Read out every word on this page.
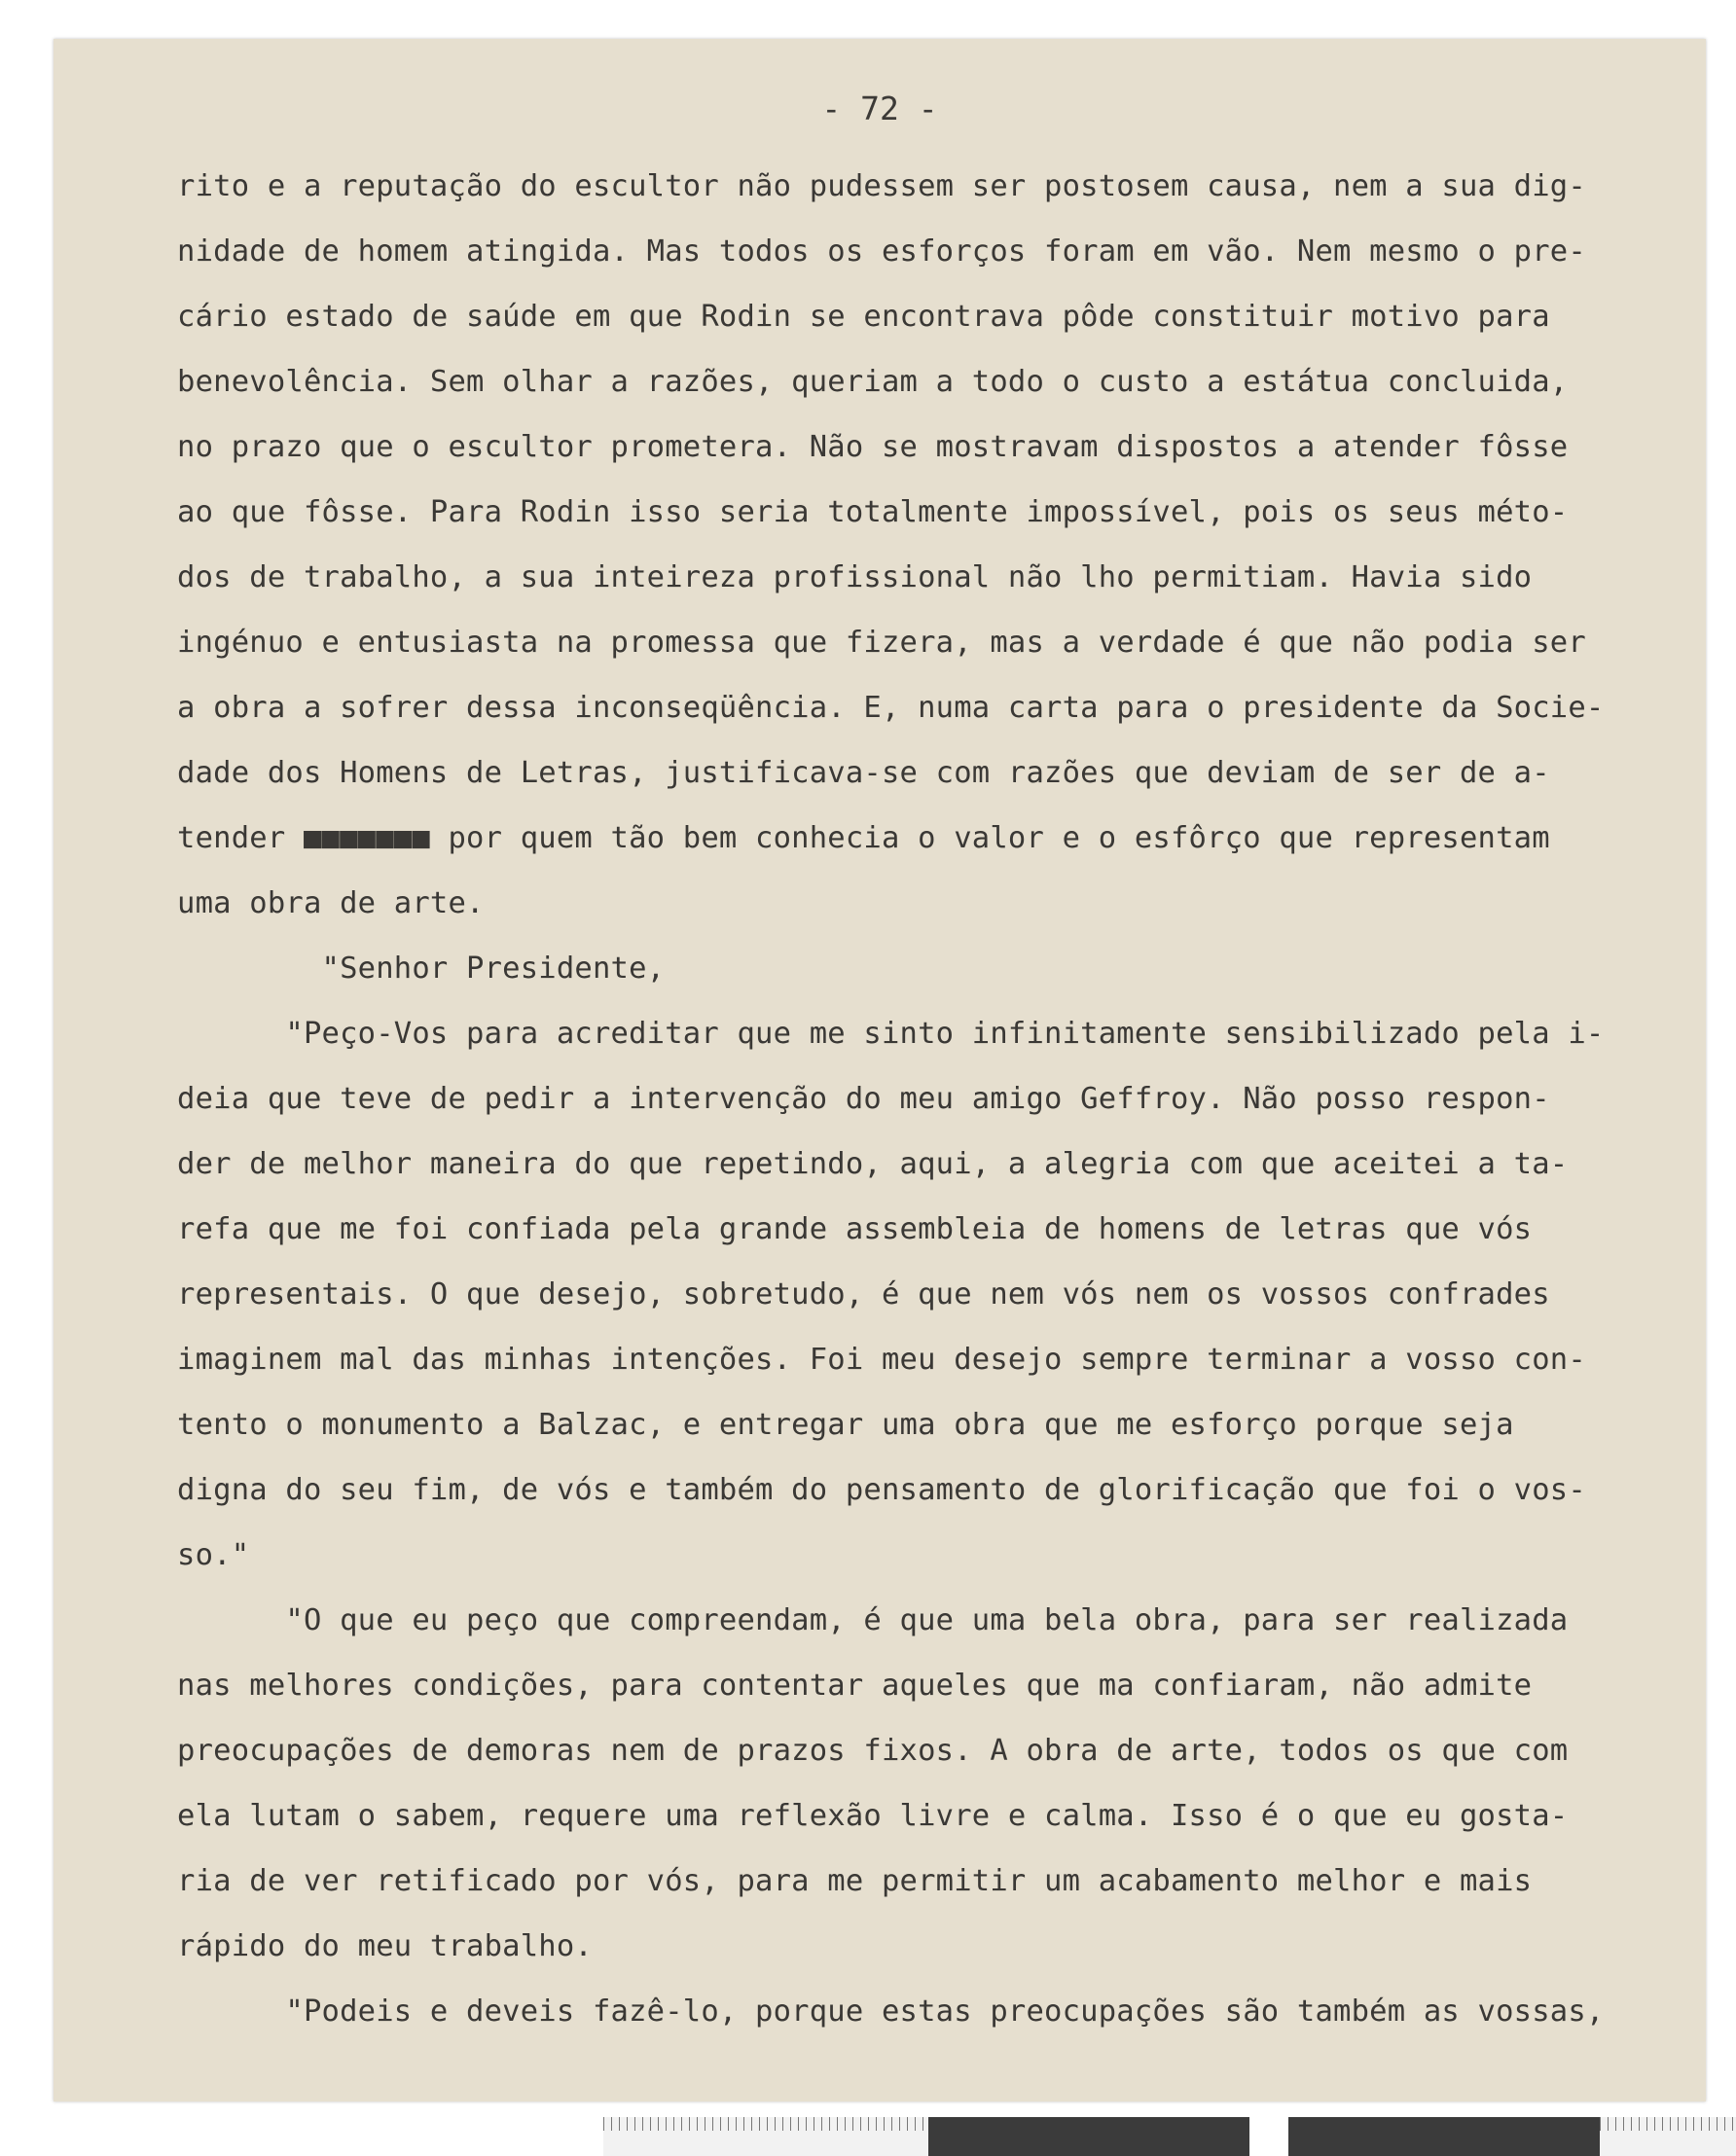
- 72 -
rito e a reputação do escultor não pudessem ser postosem causa, nem a sua dig-
nidade de homem atingida. Mas todos os esforços foram em vão. Nem mesmo o pre-
cário estado de saúde em que Rodin se encontrava pôde constituir motivo para
benevolência. Sem olhar a razões, queriam a todo o custo a estátua concluida,
no prazo que o escultor prometera. Não se mostravam dispostos a atender fôsse
ao que fôsse. Para Rodin isso seria totalmente impossível, pois os seus méto-
dos de trabalho, a sua inteireza profissional não lho permitiam. Havia sido
ingénuo e entusiasta na promessa que fizera, mas a verdade é que não podia ser
a obra a sofrer dessa inconseqüência. E, numa carta para o presidente da Socie-
dade dos Homens de Letras, justificava-se com razões que deviam de ser de a-
tender ■■■■■■■ por quem tão bem conhecia o valor e o esfôrço que representam
uma obra de arte.
"Senhor Presidente,
"Peço-Vos para acreditar que me sinto infinitamente sensibilizado pela i-
deia que teve de pedir a intervenção do meu amigo Geffroy. Não posso respon-
der de melhor maneira do que repetindo, aqui, a alegria com que aceitei a ta-
refa que me foi confiada pela grande assembleia de homens de letras que vós
representais. O que desejo, sobretudo, é que nem vós nem os vossos confrades
imaginem mal das minhas intenções. Foi meu desejo sempre terminar a vosso con-
tento o monumento a Balzac, e entregar uma obra que me esforço porque seja
digna do seu fim, de vós e também do pensamento de glorificação que foi o vos-
so."
"O que eu peço que compreendam, é que uma bela obra, para ser realizada
nas melhores condições, para contentar aqueles que ma confiaram, não admite
preocupações de demoras nem de prazos fixos. A obra de arte, todos os que com
ela lutam o sabem, requere uma reflexão livre e calma. Isso é o que eu gosta-
ria de ver retificado por vós, para me permitir um acabamento melhor e mais
rápido do meu trabalho.
"Podeis e deveis fazê-lo, porque estas preocupações são também as vossas,
